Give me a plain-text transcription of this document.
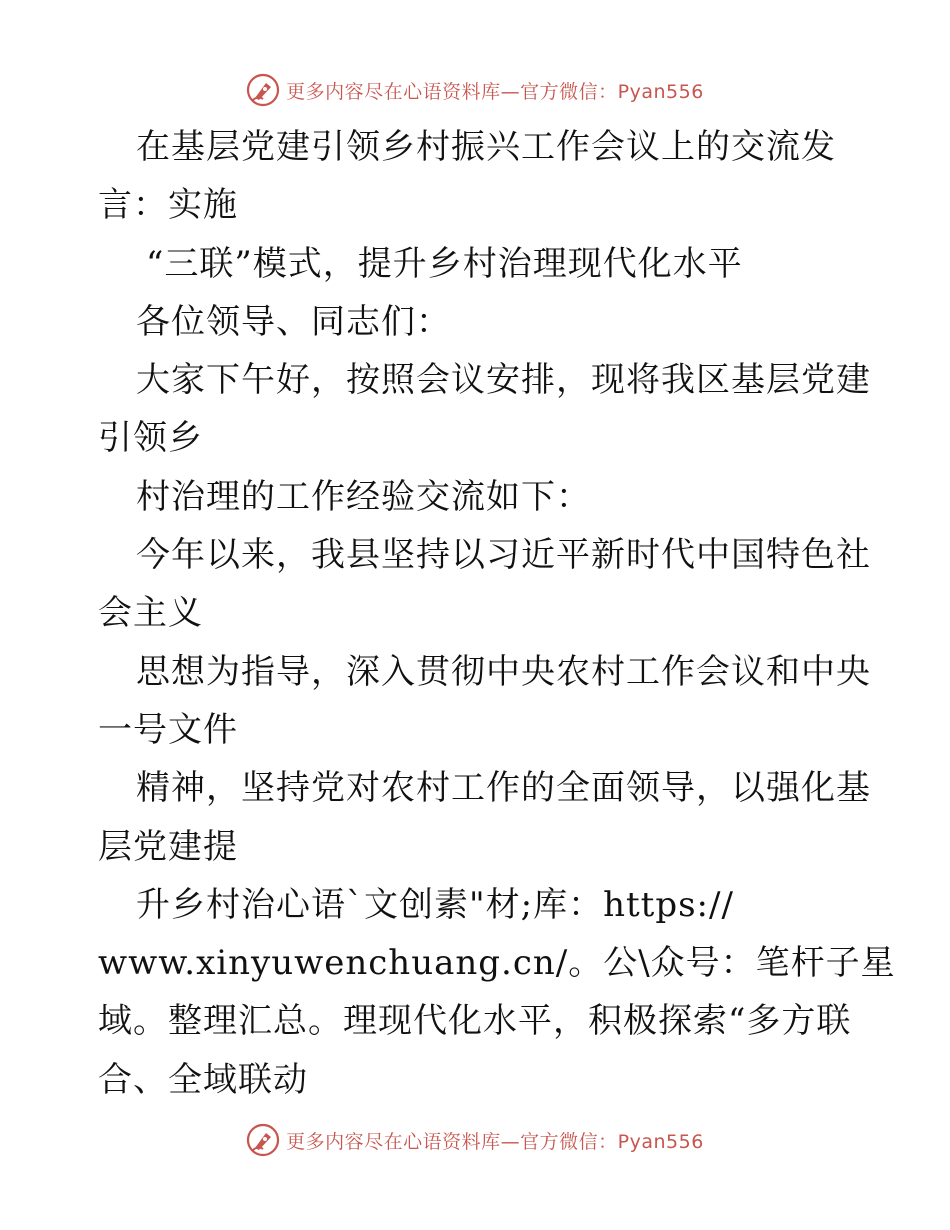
更多内容尽在心语资料库—官方微信：Pyan556
在基层党建引领乡村振兴工作会议上的交流发
言：实施
“三联”模式，提升乡村治理现代化水平
各位领导、同志们：
大家下午好，按照会议安排，现将我区基层党建
引领乡
村治理的工作经验交流如下：
今年以来，我县坚持以习近平新时代中国特色社
会主义
思想为指导，深入贯彻中央农村工作会议和中央
一号文件
精神，坚持党对农村工作的全面领导，以强化基
层党建提
升乡村治心语`文创素"材;库：https://
www.xinyuwenchuang.cn/。公\众号：笔杆子星
域。整理汇总。理现代化水平，积极探索“多方联
合、全域联动
更多内容尽在心语资料库—官方微信：Pyan556
